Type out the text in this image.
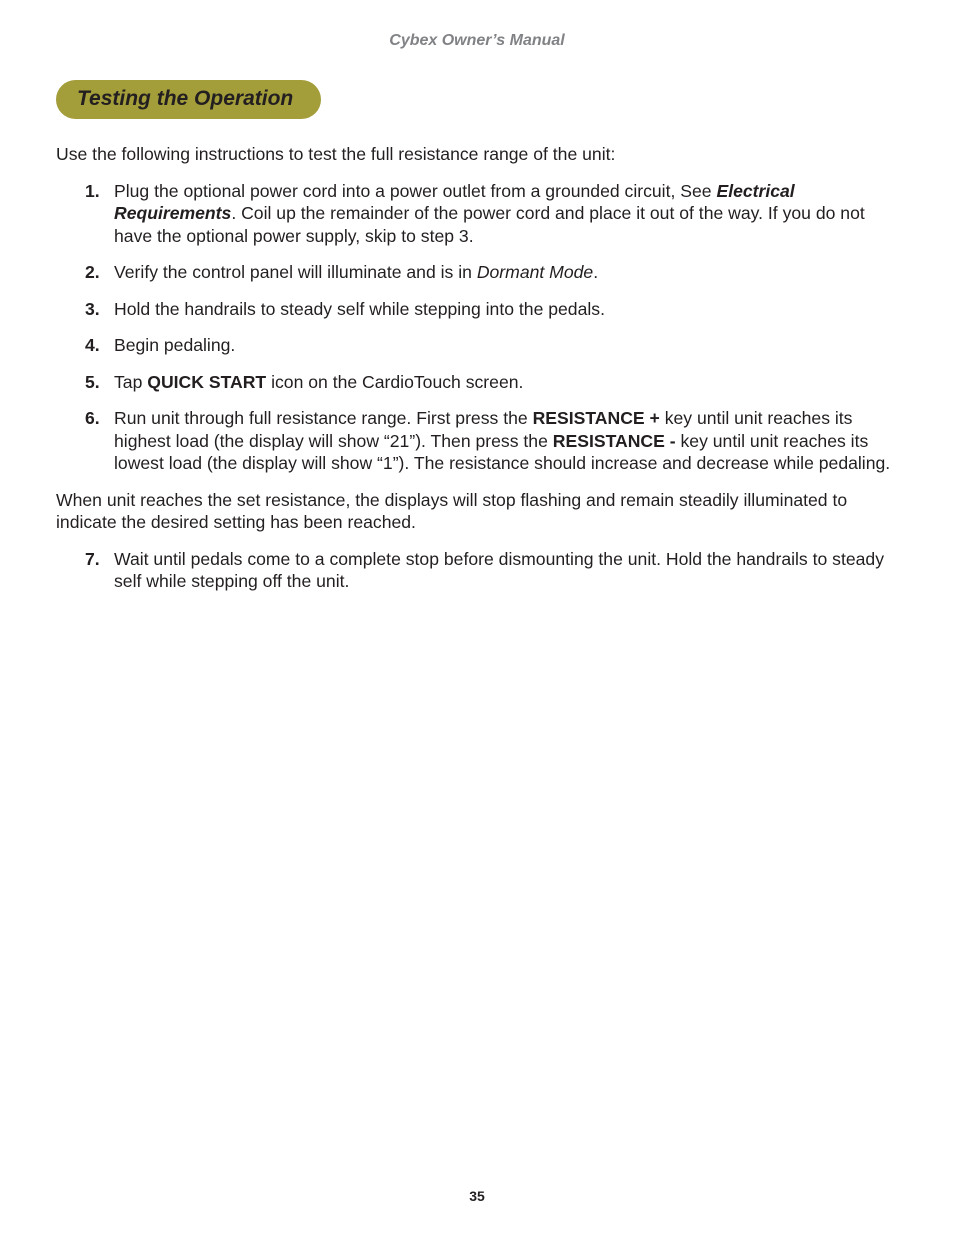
Cybex Owner’s Manual
Testing the Operation

Use the following instructions to test the full resistance range of the unit:

1. Plug the optional power cord into a power outlet from a grounded circuit, See Electrical Requirements. Coil up the remainder of the power cord and place it out of the way. If you do not have the optional power supply, skip to step 3.
2. Verify the control panel will illuminate and is in Dormant Mode.
3. Hold the handrails to steady self while stepping into the pedals.
4. Begin pedaling.
5. Tap QUICK START icon on the CardioTouch screen.
6. Run unit through full resistance range. First press the RESISTANCE + key until unit reaches its highest load (the display will show “21”). Then press the RESISTANCE - key until unit reaches its lowest load (the display will show “1”). The resistance should increase and decrease while pedaling.

When unit reaches the set resistance, the displays will stop flashing and remain steadily illuminated to indicate the desired setting has been reached.

7. Wait until pedals come to a complete stop before dismounting the unit. Hold the handrails to steady self while stepping off the unit.
35
